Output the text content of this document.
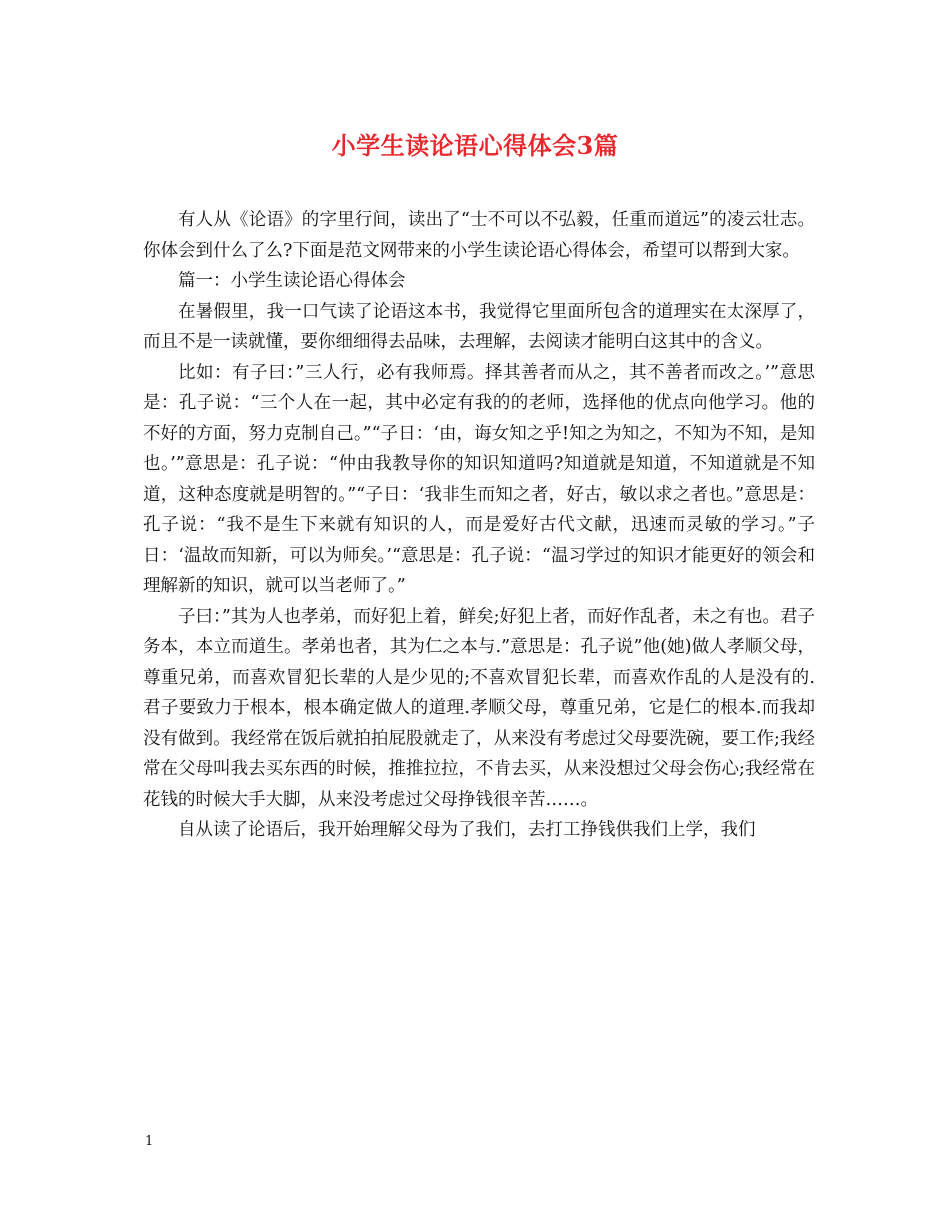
小学生读论语心得体会3篇

有人从《论语》的字里行间，读出了“士不可以不弘毅，任重而道远”的凌云壮志。你体会到什么了么?下面是范文网带来的小学生读论语心得体会，希望可以帮到大家。

篇一：小学生读论语心得体会

在暑假里，我一口气读了论语这本书，我觉得它里面所包含的道理实在太深厚了，而且不是一读就懂，要你细细得去品味，去理解，去阅读才能明白这其中的含义。

比如：有子曰：”三人行，必有我师焉。择其善者而从之，其不善者而改之。’”意思是：孔子说：“三个人在一起，其中必定有我的的老师，选择他的优点向他学习。他的不好的方面，努力克制自己。”“子日：‘由，诲女知之乎!知之为知之，不知为不知，是知也。’”意思是：孔子说：“仲由我教导你的知识知道吗?知道就是知道，不知道就是不知道，这种态度就是明智的。”“子日：‘我非生而知之者，好古，敏以求之者也。”意思是：孔子说：“我不是生下来就有知识的人，而是爱好古代文献，迅速而灵敏的学习。”子日：‘温故而知新，可以为师矣。’“意思是：孔子说：“温习学过的知识才能更好的领会和理解新的知识，就可以当老师了。”

子曰：”其为人也孝弟，而好犯上着，鲜矣;好犯上者，而好作乱者，未之有也。君子务本，本立而道生。孝弟也者，其为仁之本与.”意思是：孔子说”他(她)做人孝顺父母，尊重兄弟，而喜欢冒犯长辈的人是少见的;不喜欢冒犯长辈，而喜欢作乱的人是没有的.君子要致力于根本，根本确定做人的道理.孝顺父母，尊重兄弟，它是仁的根本.而我却没有做到。我经常在饭后就拍拍屁股就走了，从来没有考虑过父母要洗碗，要工作;我经常在父母叫我去买东西的时候，推推拉拉，不肯去买，从来没想过父母会伤心;我经常在花钱的时候大手大脚，从来没考虑过父母挣钱很辛苦……。

自从读了论语后，我开始理解父母为了我们，去打工挣钱供我们上学，我们

1
